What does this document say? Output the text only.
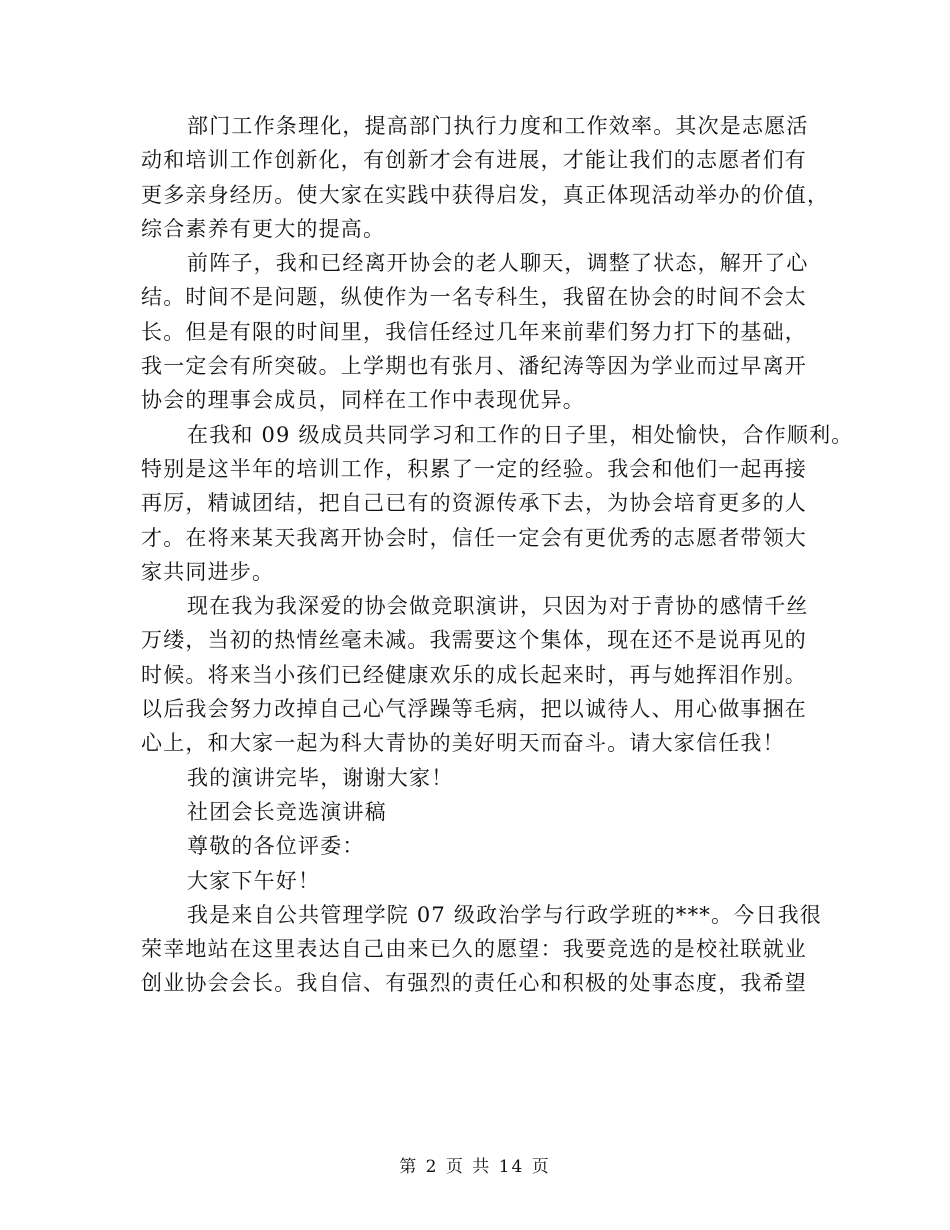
部门工作条理化，提高部门执行力度和工作效率。其次是志愿活
动和培训工作创新化，有创新才会有进展，才能让我们的志愿者们有
更多亲身经历。使大家在实践中获得启发，真正体现活动举办的价值，
综合素养有更大的提高。
前阵子，我和已经离开协会的老人聊天，调整了状态，解开了心
结。时间不是问题，纵使作为一名专科生，我留在协会的时间不会太
长。但是有限的时间里，我信任经过几年来前辈们努力打下的基础，
我一定会有所突破。上学期也有张月、潘纪涛等因为学业而过早离开
协会的理事会成员，同样在工作中表现优异。
在我和 09 级成员共同学习和工作的日子里，相处愉快，合作顺利。
特别是这半年的培训工作，积累了一定的经验。我会和他们一起再接
再厉，精诚团结，把自己已有的资源传承下去，为协会培育更多的人
才。在将来某天我离开协会时，信任一定会有更优秀的志愿者带领大
家共同进步。
现在我为我深爱的协会做竞职演讲，只因为对于青协的感情千丝
万缕，当初的热情丝毫未减。我需要这个集体，现在还不是说再见的
时候。将来当小孩们已经健康欢乐的成长起来时，再与她挥泪作别。
以后我会努力改掉自己心气浮躁等毛病，把以诚待人、用心做事捆在
心上，和大家一起为科大青协的美好明天而奋斗。请大家信任我！
我的演讲完毕，谢谢大家！
社团会长竞选演讲稿
尊敬的各位评委：
大家下午好！
我是来自公共管理学院 07 级政治学与行政学班的***。今日我很
荣幸地站在这里表达自己由来已久的愿望：我要竞选的是校社联就业
创业协会会长。我自信、有强烈的责任心和积极的处事态度，我希望
第 2 页 共 14 页
